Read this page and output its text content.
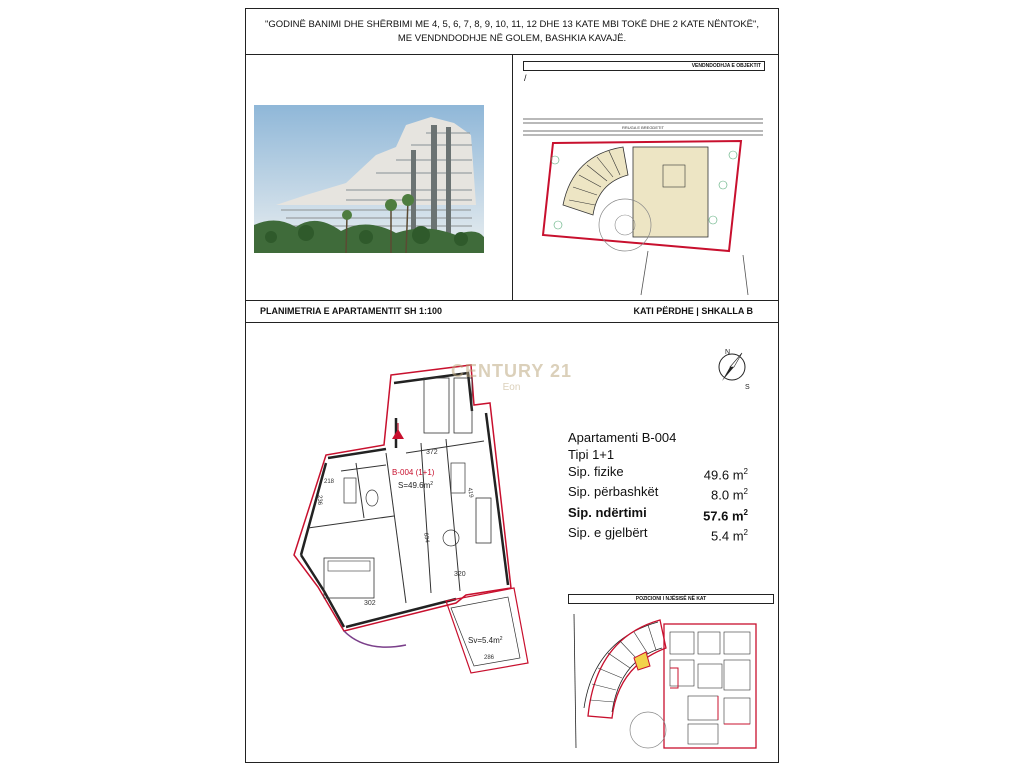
"GODINË BANIMI DHE SHËRBIMI ME 4, 5, 6, 7, 8, 9, 10, 11, 12 DHE 13 KATE MBI TOKË DHE 2 KATE NËNTOKË",
ME VENDNDODHJE NË GOLEM, BASHKIA KAVAJË.
VENDNDODHJA E OBJEKTIT
/
RRUGA E BREGDETIT
PLANIMETRIA E APARTAMENTIT SH 1:100	KATI PËRDHE | SHKALLA B
B-004 (1+1)
$S=49.6m^2$
$Sv=5.4m^2$
372
302
320
286
236
218
634
419
CENTURY 21
Eon
N
S
Apartamenti B-004
Tipi 1+1
Sip. fizike	49.6 $m^2$
Sip. përbashkët	8.0 $m^2$
Sip. ndërtimi	57.6 $m^2$
Sip. e gjelbërt	5.4 $m^2$
POZICIONI I NJËSISË NË KAT
